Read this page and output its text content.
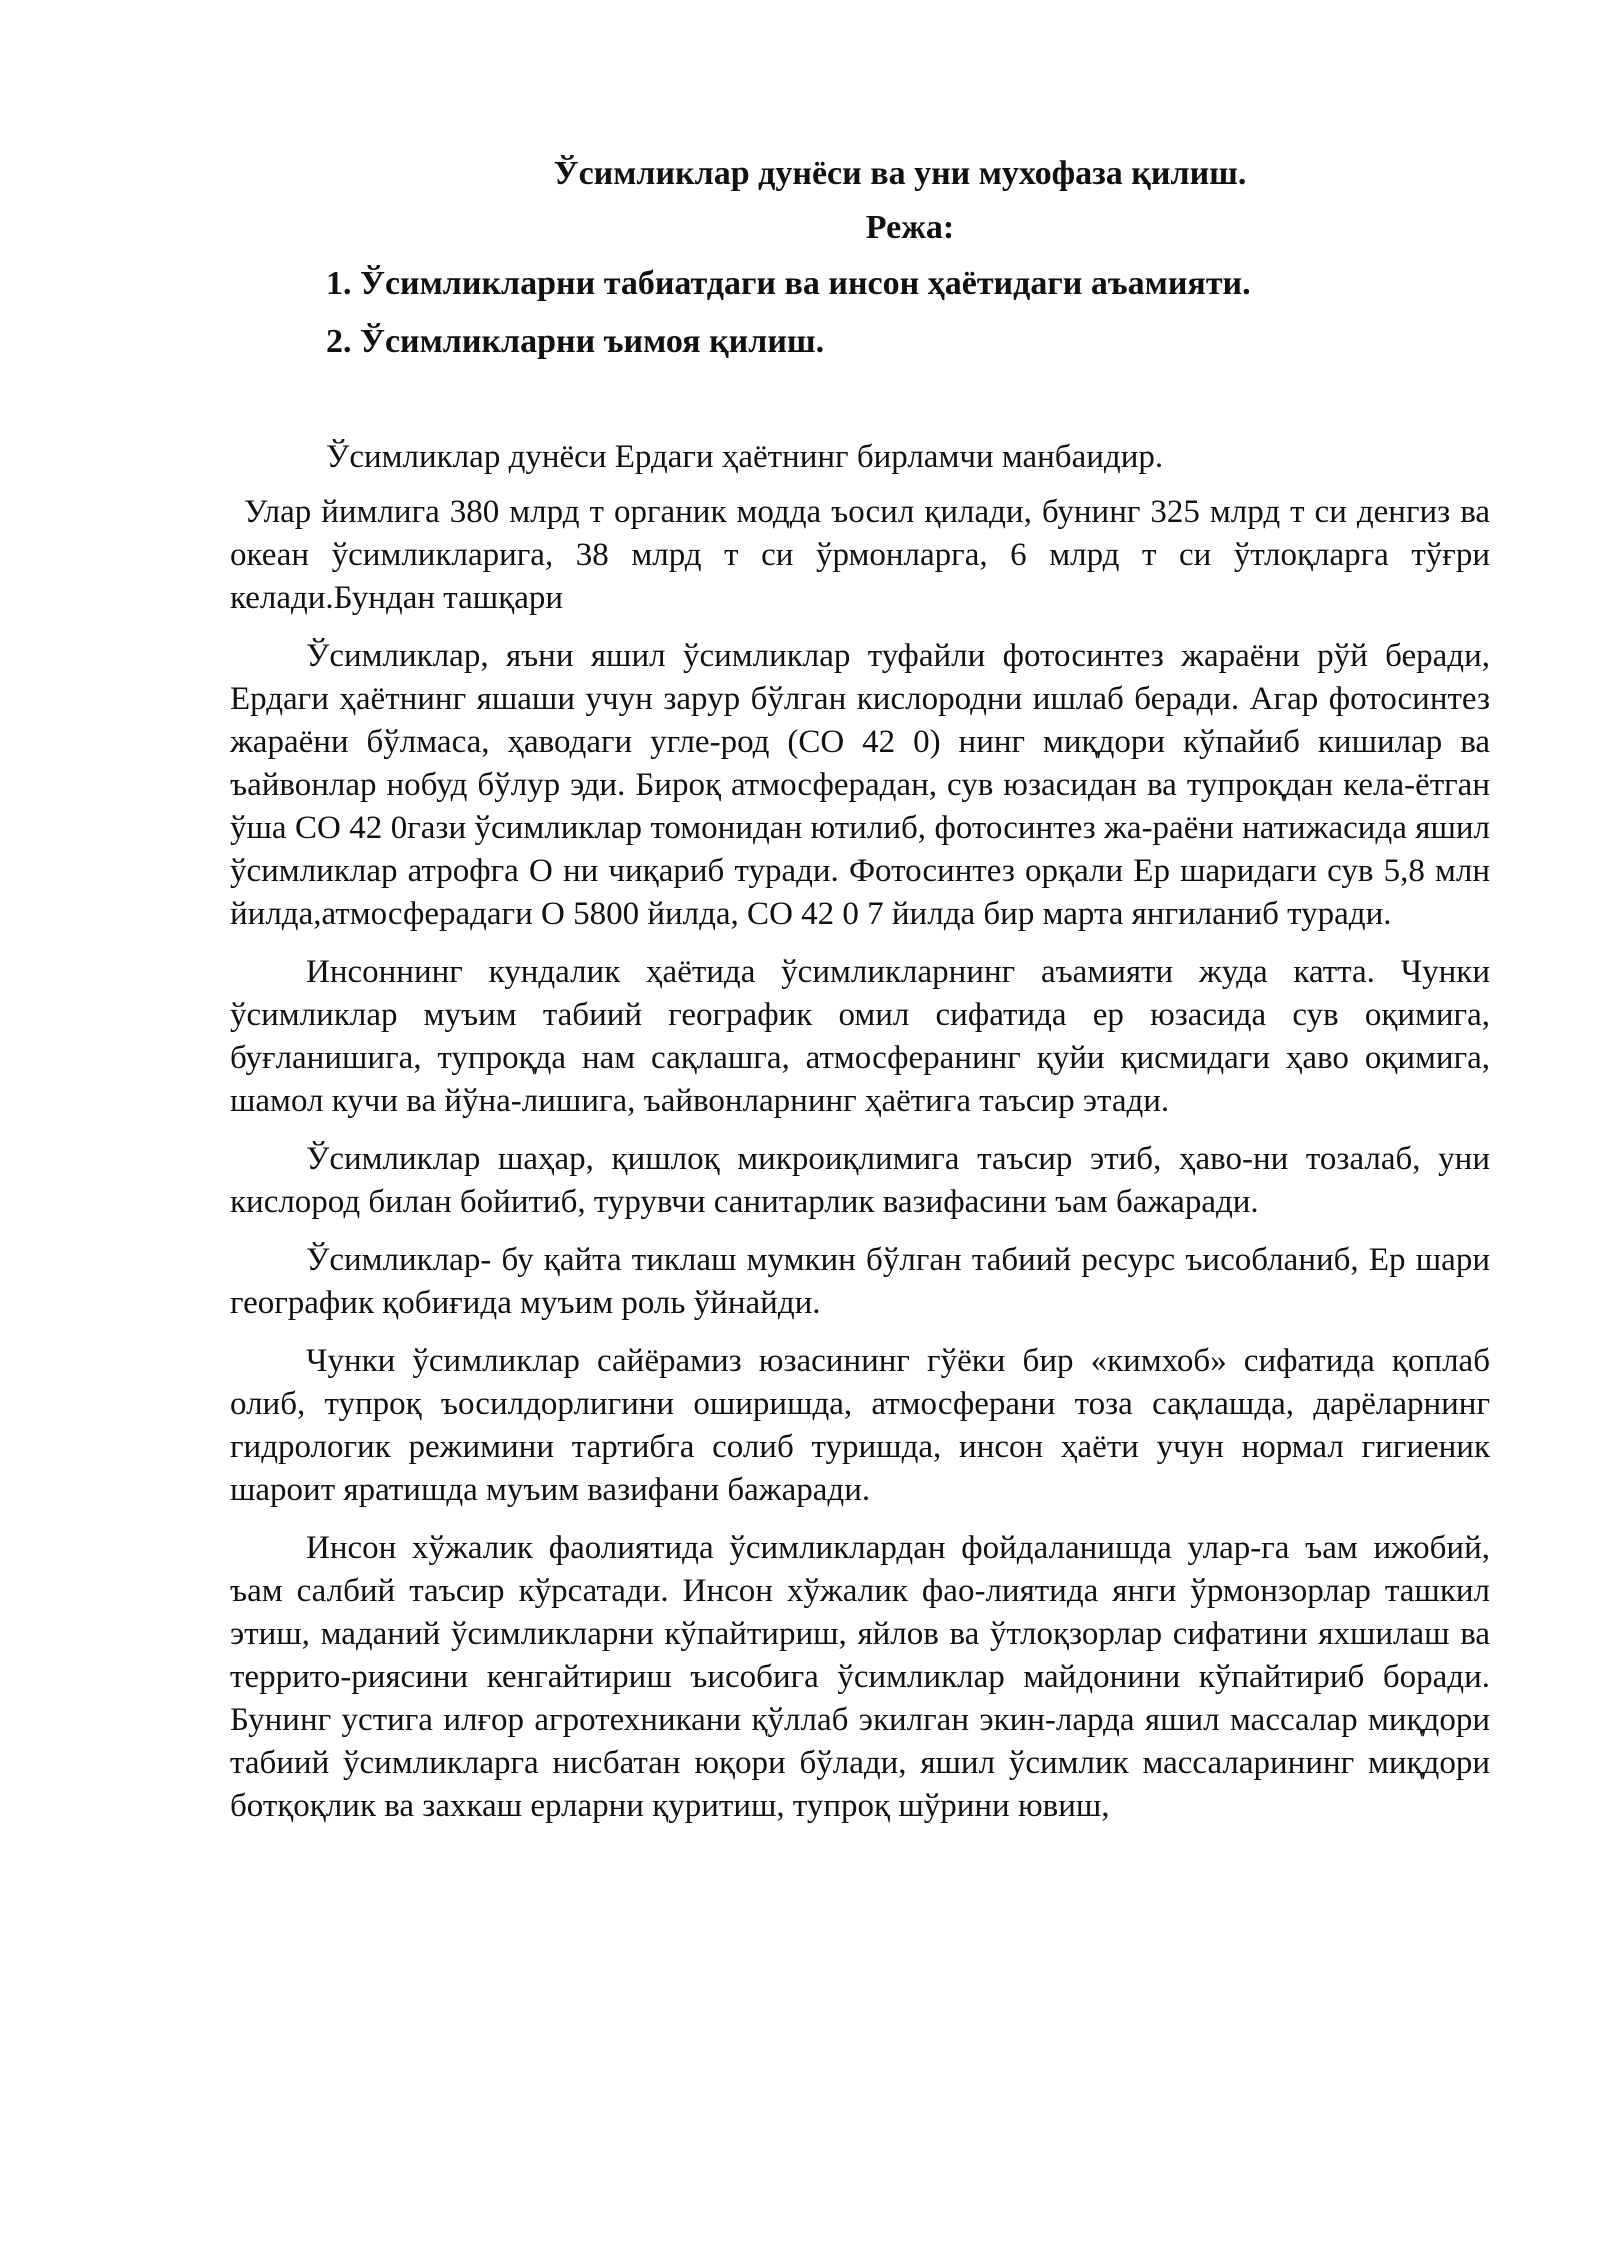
Ўсимликлар дунёси ва уни мухофаза қилиш.
Режа:
1. Ўсимликларни табиатдаги ва инсон ҳаётидаги аъамияти.
2. Ўсимликларни ъимоя қилиш.

Ўсимликлар дунёси Ердаги ҳаётнинг бирламчи манбаидир.

Улар йимлига 380 млрд т органик модда ъосил қилади, бунинг 325 млрд т си денгиз ва океан ўсимликларига, 38 млрд т си ўрмонларга, 6 млрд т си ўтлоқларга тўғри келади.Бундан ташқари

Ўсимликлар, яъни яшил ўсимликлар туфайли фотосинтез жараёни рўй беради, Ердаги ҳаётнинг яшаши учун зарур бўлган кислородни ишлаб беради. Агар фотосинтез жараёни бўлмаса, ҳаводаги угле-род (СО 42 0) нинг миқдори кўпайиб кишилар ва ъайвонлар нобуд бўлур эди. Бироқ атмосферадан, сув юзасидан ва тупроқдан кела-ётган ўша СО 42 0гази ўсимликлар томонидан ютилиб, фотосинтез жа-раёни натижасида яшил ўсимликлар атрофга О ни чиқариб туради. Фотосинтез орқали Ер шаридаги сув 5,8 млн йилда,атмосферадаги О 5800 йилда, СО 42 0 7 йилда бир марта янгиланиб туради.

Инсоннинг кундалик ҳаётида ўсимликларнинг аъамияти жуда катта. Чунки ўсимликлар муъим табиий географик омил сифатида ер юзасида сув оқимига, буғланишига, тупроқда нам сақлашга, атмосферанинг қуйи қисмидаги ҳаво оқимига, шамол кучи ва йўна-лишига, ъайвонларнинг ҳаётига таъсир этади.

Ўсимликлар шаҳар, қишлоқ микроиқлимига таъсир этиб, ҳаво-ни тозалаб, уни кислород билан бойитиб, турувчи санитарлик вазифасини ъам бажаради.

Ўсимликлар- бу қайта тиклаш мумкин бўлган табиий ресурс ъисобланиб, Ер шари географик қобиғида муъим роль ўйнайди.

Чунки ўсимликлар сайёрамиз юзасининг гўёки бир «кимхоб» сифатида қоплаб олиб, тупроқ ъосилдорлигини оширишда, атмосферани тоза сақлашда, дарёларнинг гидрологик режимини тартибга солиб туришда, инсон ҳаёти учун нормал гигиеник шароит яратишда муъим вазифани бажаради.

Инсон хўжалик фаолиятида ўсимликлардан фойдаланишда улар-га ъам ижобий, ъам салбий таъсир кўрсатади. Инсон хўжалик фао-лиятида янги ўрмонзорлар ташкил этиш, маданий ўсимликларни кўпайтириш, яйлов ва ўтлоқзорлар сифатини яхшилаш ва террито-риясини кенгайтириш ъисобига ўсимликлар майдонини кўпайтириб боради. Бунинг устига илғор агротехникани қўллаб экилган экин-ларда яшил массалар миқдори табиий ўсимликларга нисбатан юқори бўлади, яшил ўсимлик массаларининг миқдори ботқоқлик ва захкаш ерларни қуритиш, тупроқ шўрини ювиш,
